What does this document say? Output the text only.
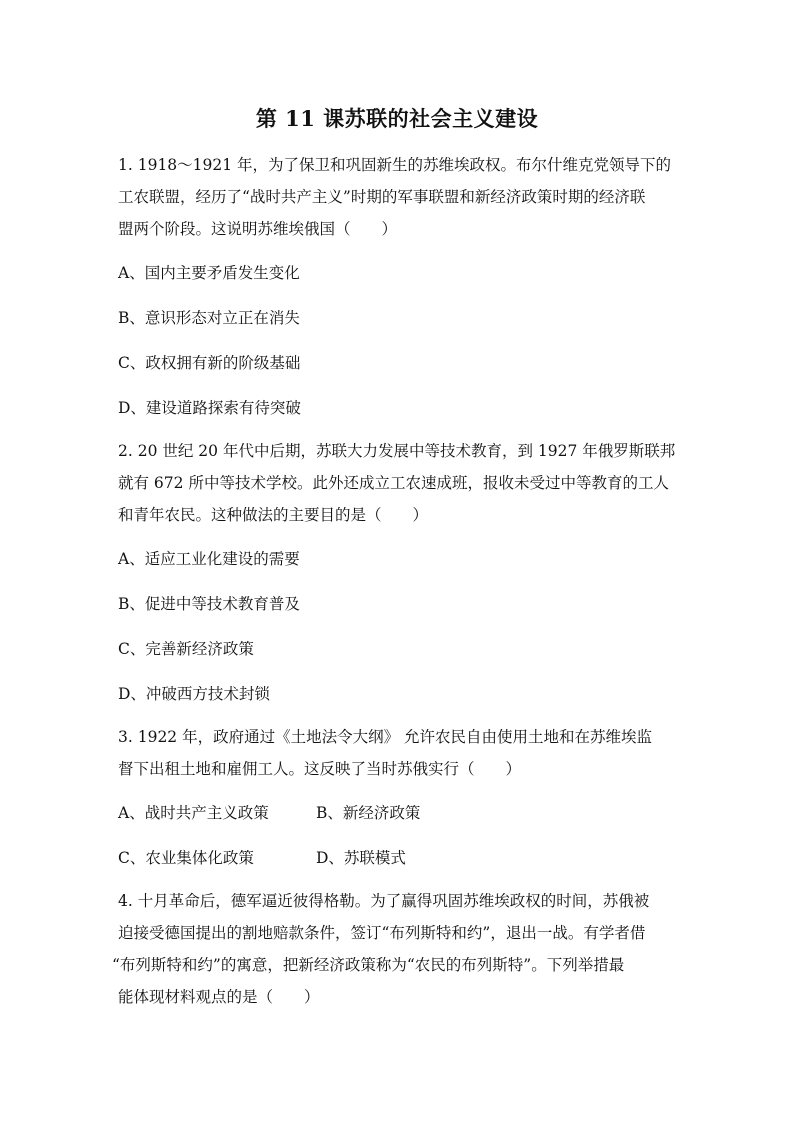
第 11 课苏联的社会主义建设
1. 1918～1921 年，为了保卫和巩固新生的苏维埃政权。布尔什维克党领导下的
工农联盟，经历了“战时共产主义”时期的军事联盟和新经济政策时期的经济联
盟两个阶段。这说明苏维埃俄国（　　）
A、国内主要矛盾发生变化
B、意识形态对立正在消失
C、政权拥有新的阶级基础
D、建设道路探索有待突破
2. 20 世纪 20 年代中后期，苏联大力发展中等技术教育，到 1927 年俄罗斯联邦
就有 672 所中等技术学校。此外还成立工农速成班，报收未受过中等教育的工人
和青年农民。这种做法的主要目的是（　　）
A、适应工业化建设的需要
B、促进中等技术教育普及
C、完善新经济政策
D、冲破西方技术封锁
3. 1922 年，政府通过《土地法令大纲》 允许农民自由使用土地和在苏维埃监
督下出租土地和雇佣工人。这反映了当时苏俄实行（　　）
A、战时共产主义政策	B、新经济政策
C、农业集体化政策	D、苏联模式
4. 十月革命后，德军逼近彼得格勒。为了赢得巩固苏维埃政权的时间，苏俄被
迫接受德国提出的割地赔款条件，签订“布列斯特和约”，退出一战。有学者借
“布列斯特和约”的寓意，把新经济政策称为“农民的布列斯特”。下列举措最
能体现材料观点的是（　　）
